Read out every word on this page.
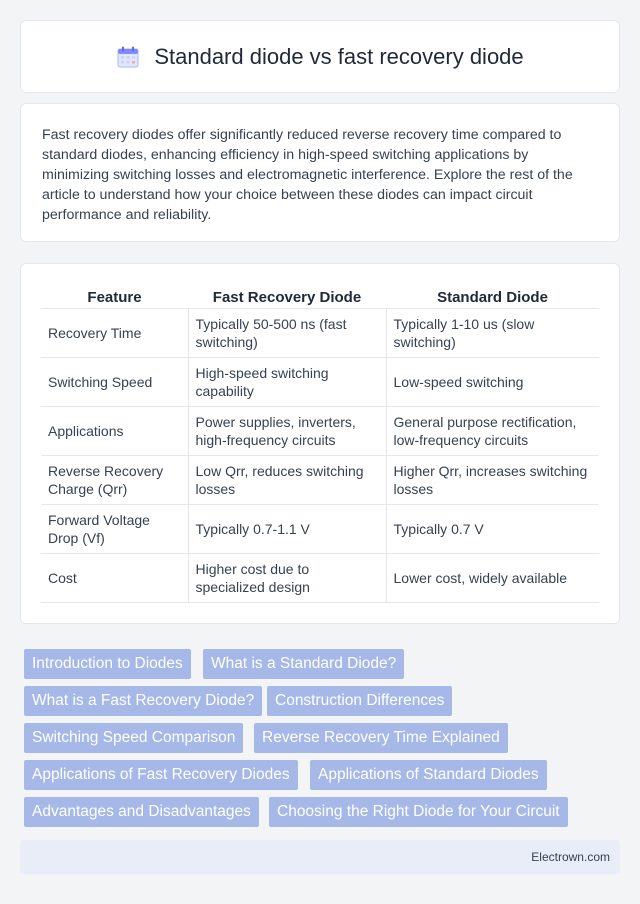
Standard diode vs fast recovery diode

Fast recovery diodes offer significantly reduced reverse recovery time compared to standard diodes, enhancing efficiency in high-speed switching applications by minimizing switching losses and electromagnetic interference. Explore the rest of the article to understand how your choice between these diodes can impact circuit performance and reliability.

Feature	Fast Recovery Diode	Standard Diode
Recovery Time	Typically 50-500 ns (fast switching)	Typically 1-10 us (slow switching)
Switching Speed	High-speed switching capability	Low-speed switching
Applications	Power supplies, inverters, high-frequency circuits	General purpose rectification, low-frequency circuits
Reverse Recovery Charge (Qrr)	Low Qrr, reduces switching losses	Higher Qrr, increases switching losses
Forward Voltage Drop (Vf)	Typically 0.7-1.1 V	Typically 0.7 V
Cost	Higher cost due to specialized design	Lower cost, widely available
Introduction to Diodes	What is a Standard Diode?
What is a Fast Recovery Diode?	Construction Differences
Switching Speed Comparison	Reverse Recovery Time Explained
Applications of Fast Recovery Diodes	Applications of Standard Diodes
Advantages and Disadvantages	Choosing the Right Diode for Your Circuit
Electrown.com
